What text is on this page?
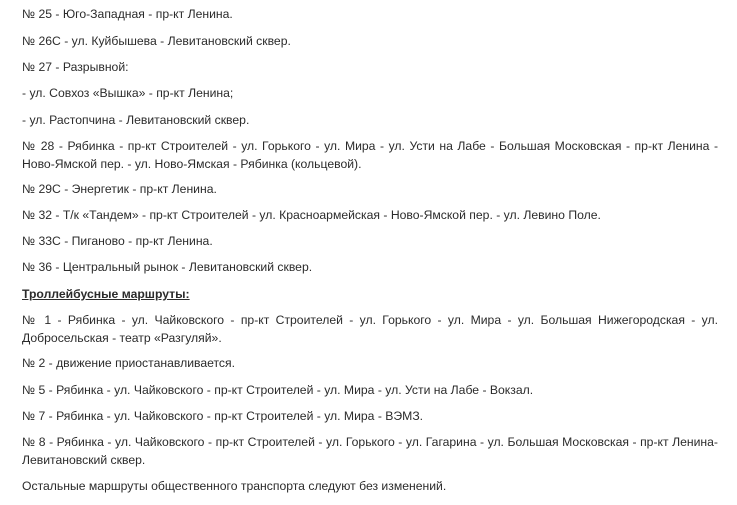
№ 25 - Юго-Западная - пр-кт Ленина.

№ 26С - ул. Куйбышева - Левитановский сквер.

№ 27 - Разрывной:

- ул. Совхоз «Вышка» - пр-кт Ленина;

- ул. Растопчина - Левитановский сквер.

№ 28 - Рябинка - пр-кт Строителей - ул. Горького - ул. Мира - ул. Усти на Лабе - Большая Московская - пр-кт Ленина - Ново-Ямской пер. - ул. Ново-Ямская - Рябинка (кольцевой).

№ 29С - Энергетик - пр-кт Ленина.

№ 32 - Т/к «Тандем» - пр-кт Строителей - ул. Красноармейская - Ново-Ямской пер. - ул. Левино Поле.

№ 33С - Пиганово - пр-кт Ленина.

№ 36 - Центральный рынок - Левитановский сквер.

Троллейбусные маршруты:

№ 1 - Рябинка - ул. Чайковского - пр-кт Строителей - ул. Горького - ул. Мира - ул. Большая Нижегородская - ул. Добросельская - театр «Разгуляй».

№ 2 - движение приостанавливается.

№ 5 - Рябинка - ул. Чайковского - пр-кт Строителей - ул. Мира - ул. Усти на Лабе - Вокзал.

№ 7 - Рябинка - ул. Чайковского - пр-кт Строителей - ул. Мира - ВЭМЗ.

№ 8 - Рябинка - ул. Чайковского - пр-кт Строителей - ул. Горького - ул. Гагарина - ул. Большая Московская - пр-кт Ленина-Левитановский сквер.

Остальные маршруты общественного транспорта следуют без изменений.
